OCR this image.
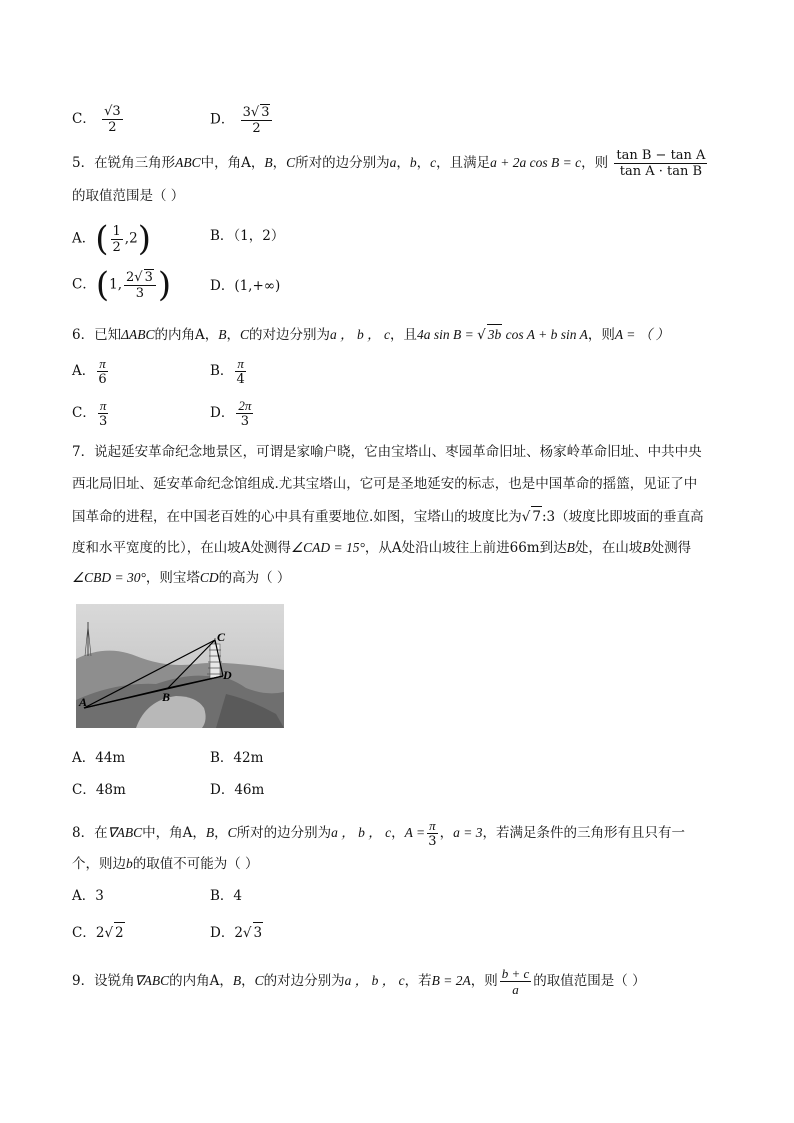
C． $\frac{√3}{2}$	D． $\frac{3√ 3}{2}$
5．在锐角三角形ABC中，角A，B，C所对的边分别为a，b，c，且满足a + 2a cos B = c，则 $\frac{\text{tan B − tan A}}{\text{tan A · tan B}}$
的取值范围是（ ）
A．( $\frac{1}{2} ,2$)	B．（1，2）
C．(1, $\frac{2√ 3}{3}$ )	D．(1,+∞)
6．已知ΔABC的内角A，B，C的对边分别为a ， b ， c，且4a sin B = √ 3b cos A + b sin A，则A = （ ）
A． $\frac{\pi}{6}$	B． $\frac{\pi}{4}$
C． $\frac{\pi}{3}$	D． $\frac{2\pi}{3}$
7．说起延安革命纪念地景区，可谓是家喻户晓，它由宝塔山、枣园革命旧址、杨家岭革命旧址、中共中央
西北局旧址、延安革命纪念馆组成.尤其宝塔山，它可是圣地延安的标志，也是中国革命的摇篮，见证了中
国革命的进程，在中国老百姓的心中具有重要地位.如图，宝塔山的坡度比为√ 7:3（坡度比即坡面的垂直高
度和水平宽度的比），在山坡A处测得∠CAD = 15°，从A处沿山坡往上前进66m到达B处，在山坡B处测得
∠CBD = 30°，则宝塔CD的高为（ ）
A	B
C
D
A．44m	B．42m
C．48m	D．46m
8．在∇ABC中，角A，B，C所对的边分别为a ， b ， c，$A = \frac{\pi}{3}$ ，a = 3，若满足条件的三角形有且只有一
个，则边b的取值不可能为（ ）
A．3	B．4
C．2√ 2	D．2√ 3
9．设锐角∇ABC的内角A，B，C的对边分别为a ， b ， c，若B = 2A，则 $\frac{b + c}{a}$ 的取值范围是（ ）
